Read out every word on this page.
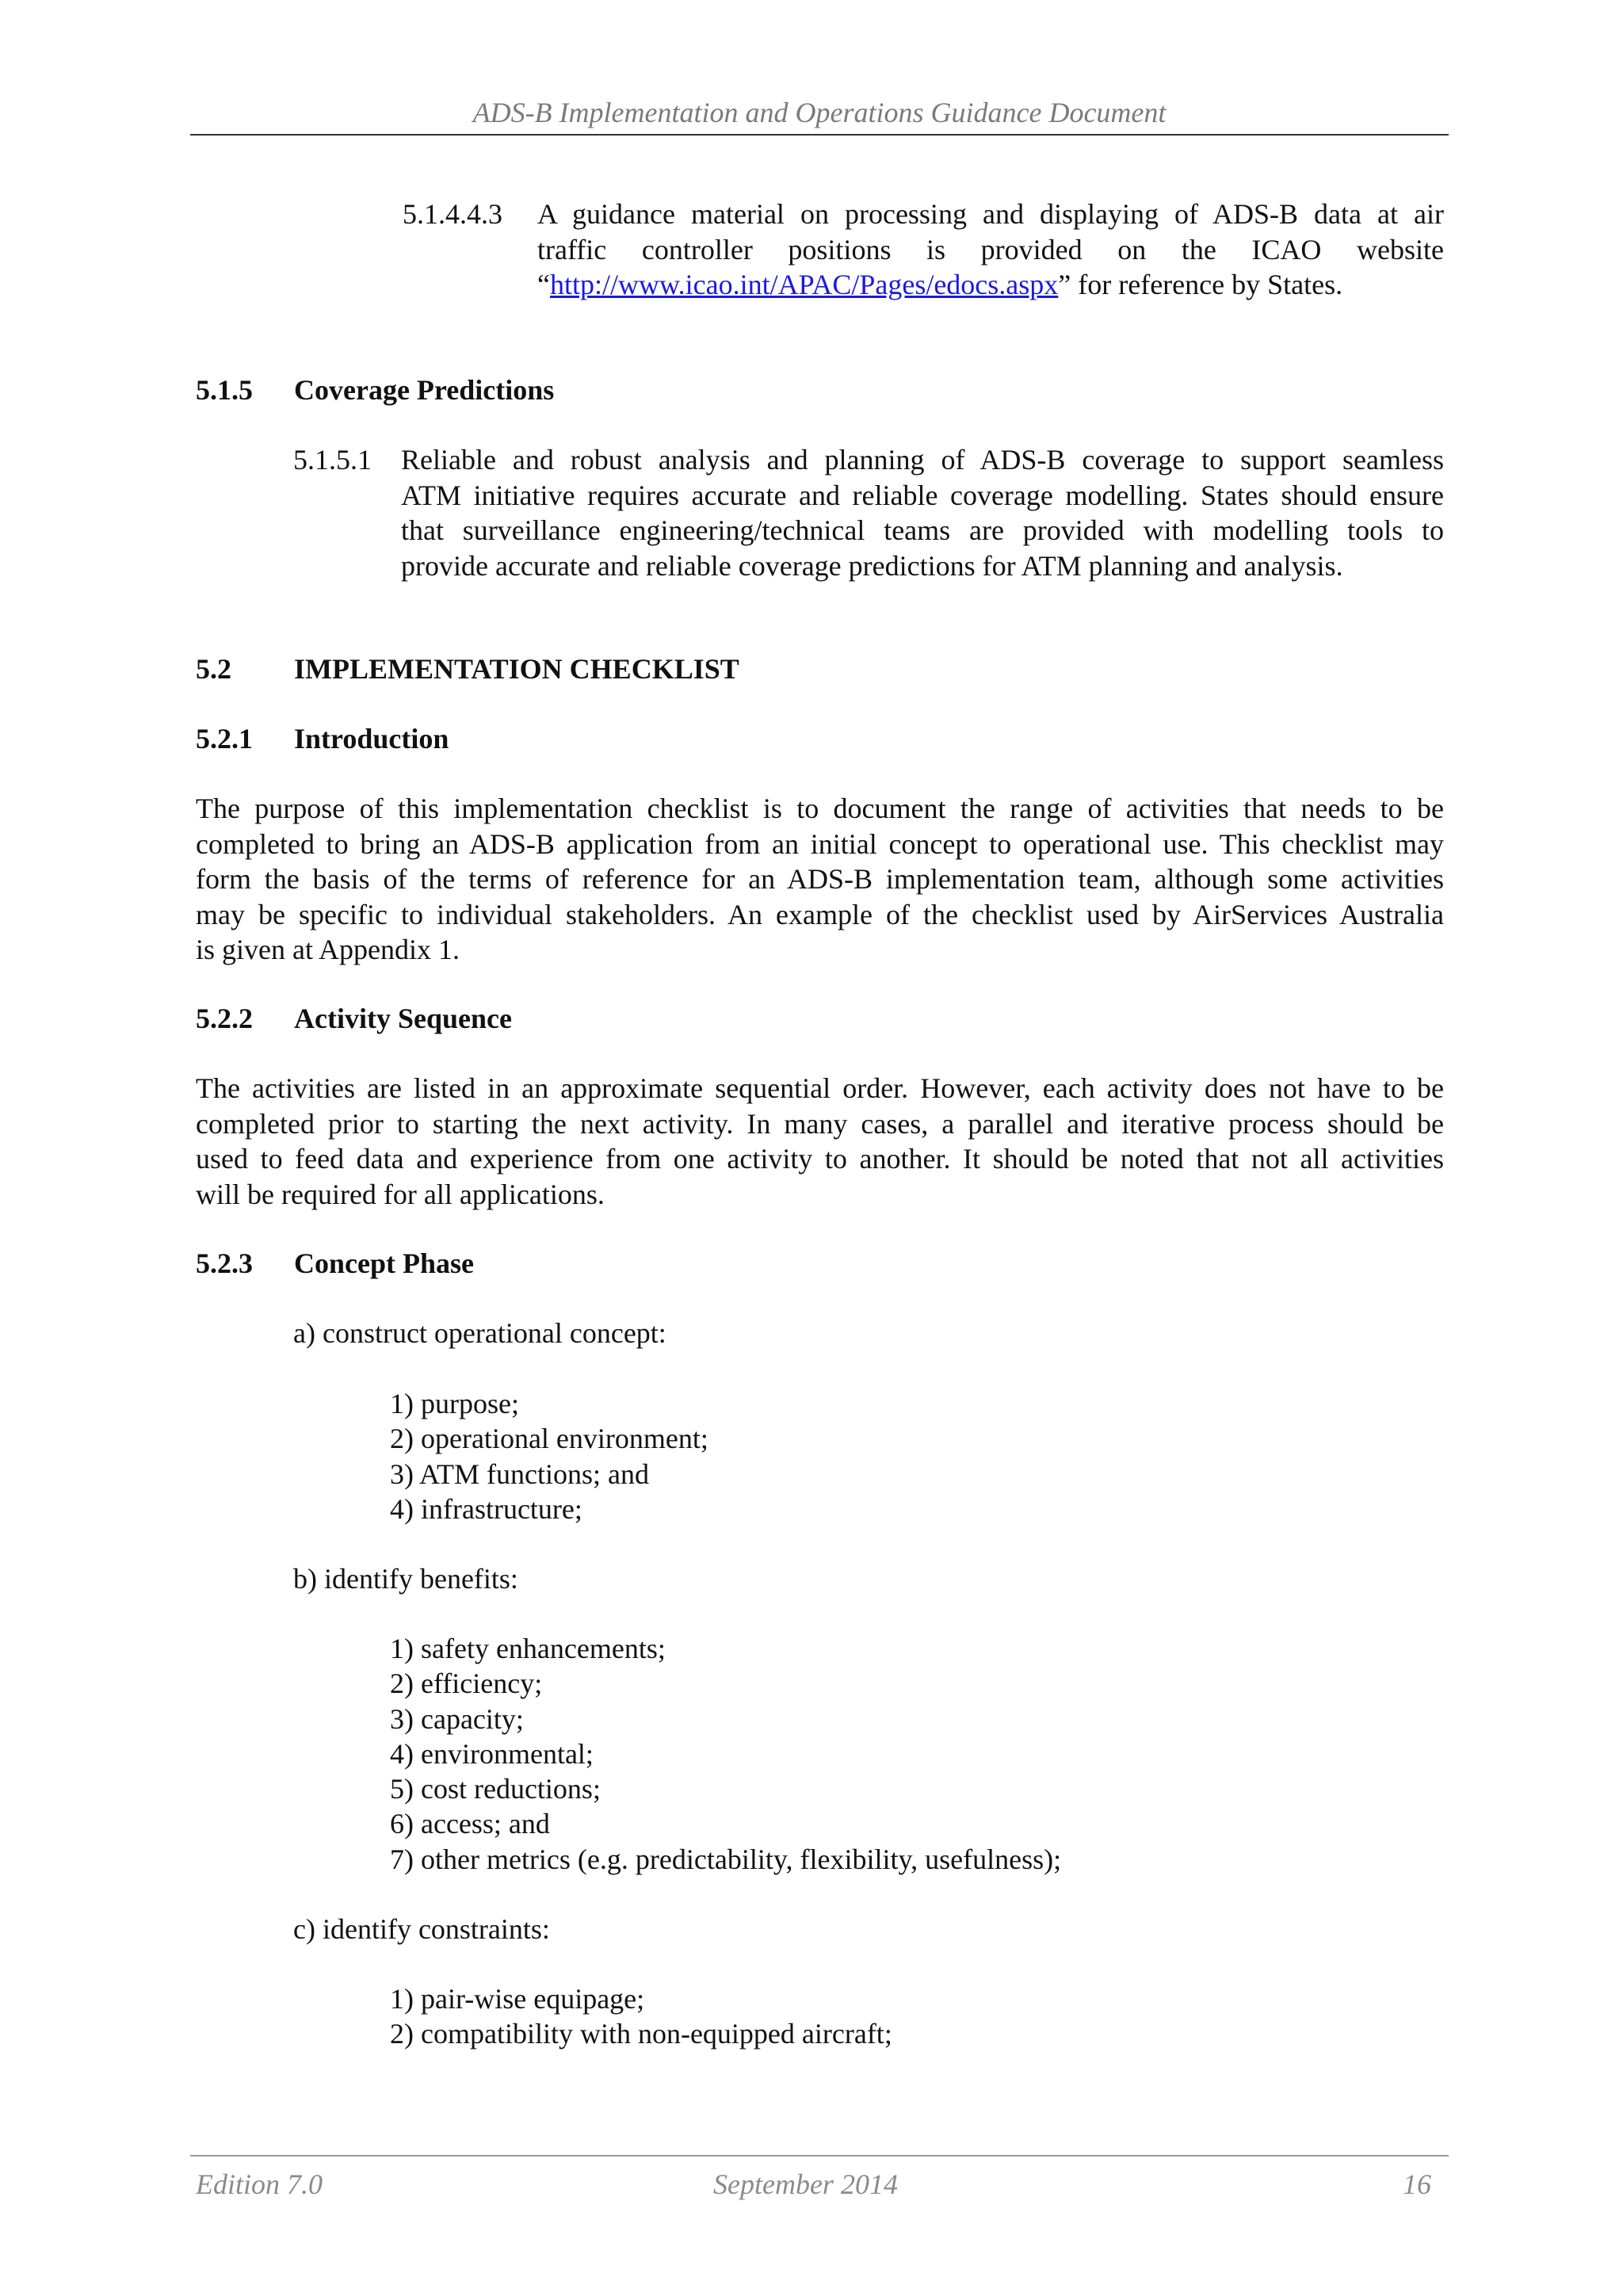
ADS-B Implementation and Operations Guidance Document
5.1.4.4.3 A guidance material on processing and displaying of ADS-B data at air
traffic controller positions is provided on the ICAO website
“http://www.icao.int/APAC/Pages/edocs.aspx” for reference by States.
5.1.5 Coverage Predictions
5.1.5.1 Reliable and robust analysis and planning of ADS-B coverage to support seamless
ATM initiative requires accurate and reliable coverage modelling. States should ensure
that surveillance engineering/technical teams are provided with modelling tools to
provide accurate and reliable coverage predictions for ATM planning and analysis.
5.2 IMPLEMENTATION CHECKLIST
5.2.1 Introduction
The purpose of this implementation checklist is to document the range of activities that needs to be
completed to bring an ADS-B application from an initial concept to operational use. This checklist may
form the basis of the terms of reference for an ADS-B implementation team, although some activities
may be specific to individual stakeholders. An example of the checklist used by AirServices Australia
is given at Appendix 1.
5.2.2 Activity Sequence
The activities are listed in an approximate sequential order. However, each activity does not have to be
completed prior to starting the next activity. In many cases, a parallel and iterative process should be
used to feed data and experience from one activity to another. It should be noted that not all activities
will be required for all applications.
5.2.3 Concept Phase
a) construct operational concept:
1) purpose;
2) operational environment;
3) ATM functions; and
4) infrastructure;
b) identify benefits:
1) safety enhancements;
2) efficiency;
3) capacity;
4) environmental;
5) cost reductions;
6) access; and
7) other metrics (e.g. predictability, flexibility, usefulness);
c) identify constraints:
1) pair-wise equipage;
2) compatibility with non-equipped aircraft;
Edition 7.0	September 2014	16
